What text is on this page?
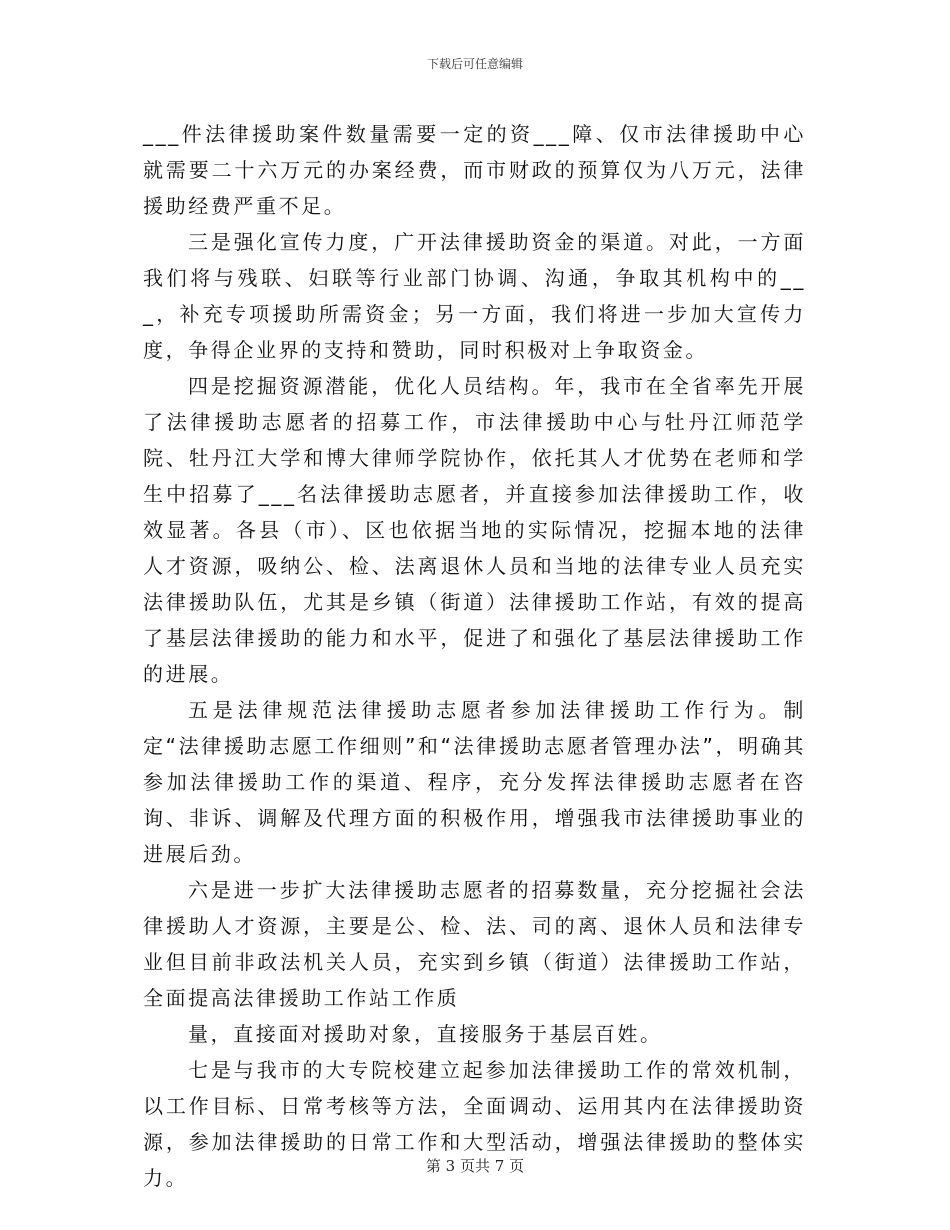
下载后可任意编辑

___件法律援助案件数量需要一定的资___障、仅市法律援助中心就需要二十六万元的办案经费，而市财政的预算仅为八万元，法律援助经费严重不足。

三是强化宣传力度，广开法律援助资金的渠道。对此，一方面我们将与残联、妇联等行业部门协调、沟通，争取其机构中的___，补充专项援助所需资金；另一方面，我们将进一步加大宣传力度，争得企业界的支持和赞助，同时积极对上争取资金。

四是挖掘资源潜能，优化人员结构。年，我市在全省率先开展了法律援助志愿者的招募工作，市法律援助中心与牡丹江师范学院、牡丹江大学和博大律师学院协作，依托其人才优势在老师和学生中招募了___名法律援助志愿者，并直接参加法律援助工作，收效显著。各县（市）、区也依据当地的实际情况，挖掘本地的法律人才资源，吸纳公、检、法离退休人员和当地的法律专业人员充实法律援助队伍，尤其是乡镇（街道）法律援助工作站，有效的提高了基层法律援助的能力和水平，促进了和强化了基层法律援助工作的进展。

五是法律规范法律援助志愿者参加法律援助工作行为。制定“法律援助志愿工作细则”和“法律援助志愿者管理办法”，明确其参加法律援助工作的渠道、程序，充分发挥法律援助志愿者在咨询、非诉、调解及代理方面的积极作用，增强我市法律援助事业的进展后劲。

六是进一步扩大法律援助志愿者的招募数量，充分挖掘社会法律援助人才资源，主要是公、检、法、司的离、退休人员和法律专业但目前非政法机关人员，充实到乡镇（街道）法律援助工作站，全面提高法律援助工作站工作质

量，直接面对援助对象，直接服务于基层百姓。

七是与我市的大专院校建立起参加法律援助工作的常效机制，以工作目标、日常考核等方法，全面调动、运用其内在法律援助资源，参加法律援助的日常工作和大型活动，增强法律援助的整体实力。	第 3 页共 7 页
